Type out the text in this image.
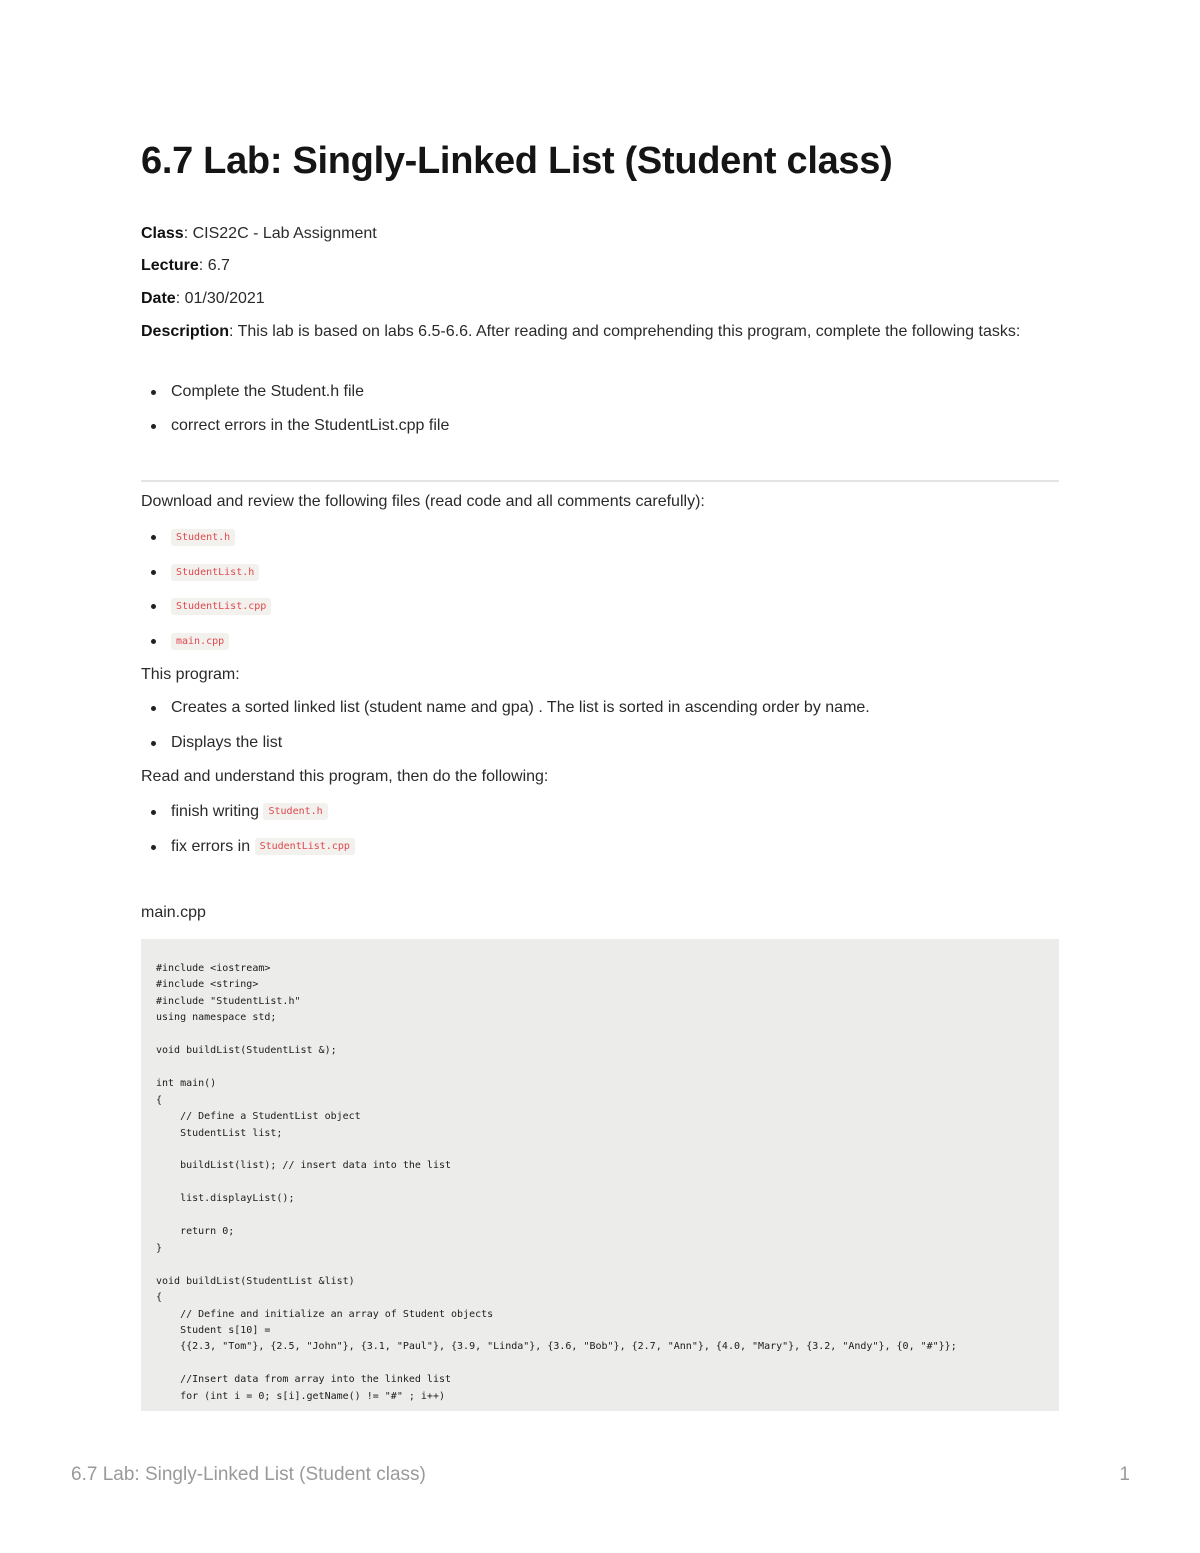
6.7 Lab: Singly-Linked List (Student class)
Class: CIS22C - Lab Assignment
Lecture: 6.7
Date: 01/30/2021
Description: This lab is based on labs 6.5-6.6. After reading and comprehending this program, complete the following tasks:
Complete the Student.h file
correct errors in the StudentList.cpp file
Download and review the following files (read code and all comments carefully):
Student.h
StudentList.h
StudentList.cpp
main.cpp
This program:
Creates a sorted linked list (student name and gpa) . The list is sorted in ascending order by name.
Displays the list
Read and understand this program, then do the following:
finish writing Student.h
fix errors in StudentList.cpp
main.cpp
#include <iostream>
#include <string>
#include "StudentList.h"
using namespace std;

void buildList(StudentList &);

int main()
{
// Define a StudentList object
StudentList list;

buildList(list); // insert data into the list

list.displayList();

return 0;
}

void buildList(StudentList &list)
{
// Define and initialize an array of Student objects
Student s[10] =
{{2.3, "Tom"}, {2.5, "John"}, {3.1, "Paul"}, {3.9, "Linda"}, {3.6, "Bob"}, {2.7, "Ann"}, {4.0, "Mary"}, {3.2, "Andy"}, {0, "#"}};

//Insert data from array into the linked list
for (int i = 0; s[i].getName() != "#" ; i++)
6.7 Lab: Singly-Linked List (Student class)	1
